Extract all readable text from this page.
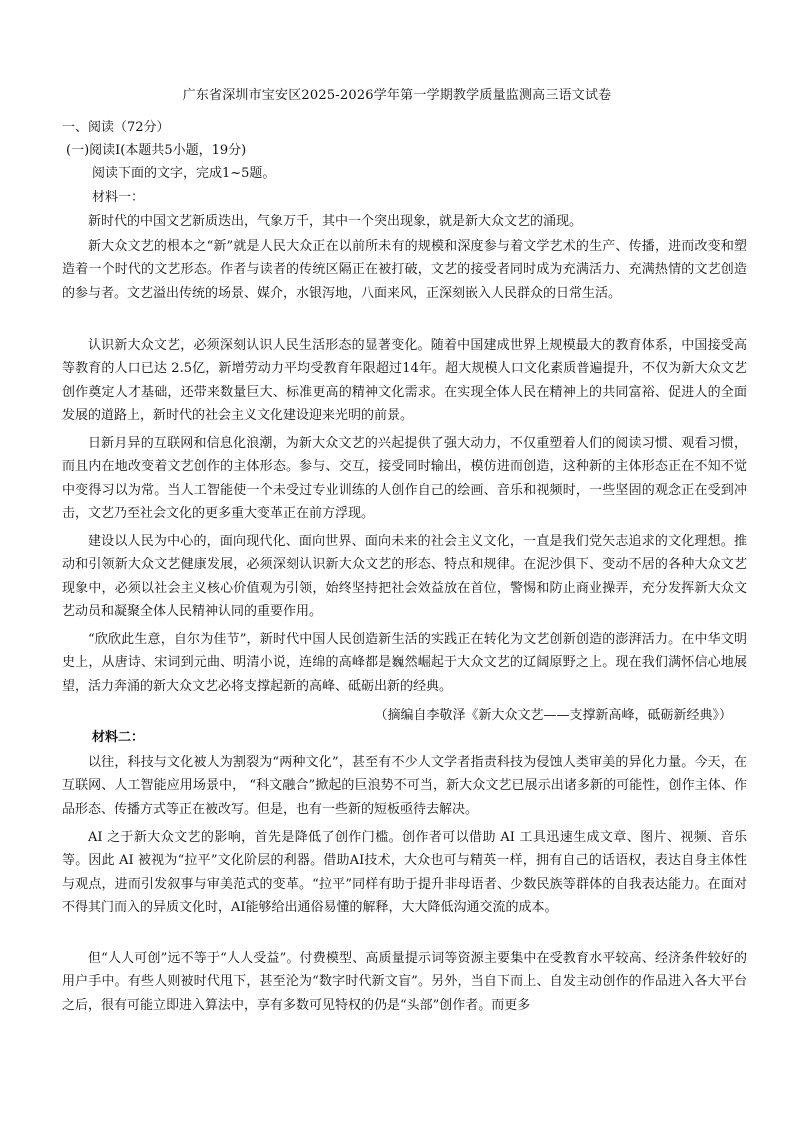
广东省深圳市宝安区2025-2026学年第一学期教学质量监测高三语文试卷
一、阅读（72分）
(一)阅读I(本题共5小题，19分)
阅读下面的文字，完成1~5题。
材料一：
新时代的中国文艺新质迭出，气象万千，其中一个突出现象，就是新大众文艺的涌现。
新大众文艺的根本之“新”就是人民大众正在以前所未有的规模和深度参与着文学艺术的生产、传播，进而改变和塑造着一个时代的文艺形态。作者与读者的传统区隔正在被打破，文艺的接受者同时成为充满活力、充满热情的文艺创造的参与者。文艺溢出传统的场景、媒介，水银泻地，八面来风，正深刻嵌入人民群众的日常生活。
认识新大众文艺，必须深刻认识人民生活形态的显著变化。随着中国建成世界上规模最大的教育体系，中国接受高等教育的人口已达 2.5亿，新增劳动力平均受教育年限超过14年。超大规模人口文化素质普遍提升，不仅为新大众文艺创作奠定人才基础，还带来数量巨大、标准更高的精神文化需求。在实现全体人民在精神上的共同富裕、促进人的全面发展的道路上，新时代的社会主义文化建设迎来光明的前景。
日新月异的互联网和信息化浪潮，为新大众文艺的兴起提供了强大动力，不仅重塑着人们的阅读习惯、观看习惯，而且内在地改变着文艺创作的主体形态。参与、交互，接受同时输出，模仿进而创造，这种新的主体形态正在不知不觉中变得习以为常。当人工智能使一个未受过专业训练的人创作自己的绘画、音乐和视频时，一些坚固的观念正在受到冲击，文艺乃至社会文化的更多重大变革正在前方浮现。
建设以人民为中心的，面向现代化、面向世界、面向未来的社会主义文化，一直是我们党矢志追求的文化理想。推动和引领新大众文艺健康发展，必须深刻认识新大众文艺的形态、特点和规律。在泥沙俱下、变动不居的各种大众文艺现象中，必须以社会主义核心价值观为引领，始终坚持把社会效益放在首位，警惕和防止商业操弄，充分发挥新大众文艺动员和凝聚全体人民精神认同的重要作用。
“欣欣此生意，自尔为佳节”，新时代中国人民创造新生活的实践正在转化为文艺创新创造的澎湃活力。在中华文明史上，从唐诗、宋词到元曲、明清小说，连绵的高峰都是巍然崛起于大众文艺的辽阔原野之上。现在我们满怀信心地展望，活力奔涌的新大众文艺必将支撑起新的高峰、砥砺出新的经典。
（摘编自李敬泽《新大众文艺——支撑新高峰，砥砺新经典》）
材料二：
以往，科技与文化被人为割裂为“两种文化”，甚至有不少人文学者指责科技为侵蚀人类审美的异化力量。今天，在互联网、人工智能应用场景中， “科文融合”掀起的巨浪势不可当，新大众文艺已展示出诸多新的可能性，创作主体、作品形态、传播方式等正在被改写。但是，也有一些新的短板亟待去解决。
AI 之于新大众文艺的影响，首先是降低了创作门槛。创作者可以借助 AI 工具迅速生成文章、图片、视频、音乐等。因此 AI 被视为“拉平”文化阶层的利器。借助AI技术，大众也可与精英一样，拥有自己的话语权，表达自身主体性与观点，进而引发叙事与审美范式的变革。“拉平”同样有助于提升非母语者、少数民族等群体的自我表达能力。在面对不得其门而入的异质文化时，AI能够给出通俗易懂的解释，大大降低沟通交流的成本。
但“人人可创”远不等于“人人受益”。付费模型、高质量提示词等资源主要集中在受教育水平较高、经济条件较好的用户手中。有些人则被时代甩下，甚至沦为“数字时代新文盲”。另外，当自下而上、自发主动创作的作品进入各大平台之后，很有可能立即进入算法中，享有多数可见特权的仍是“头部”创作者。而更多
